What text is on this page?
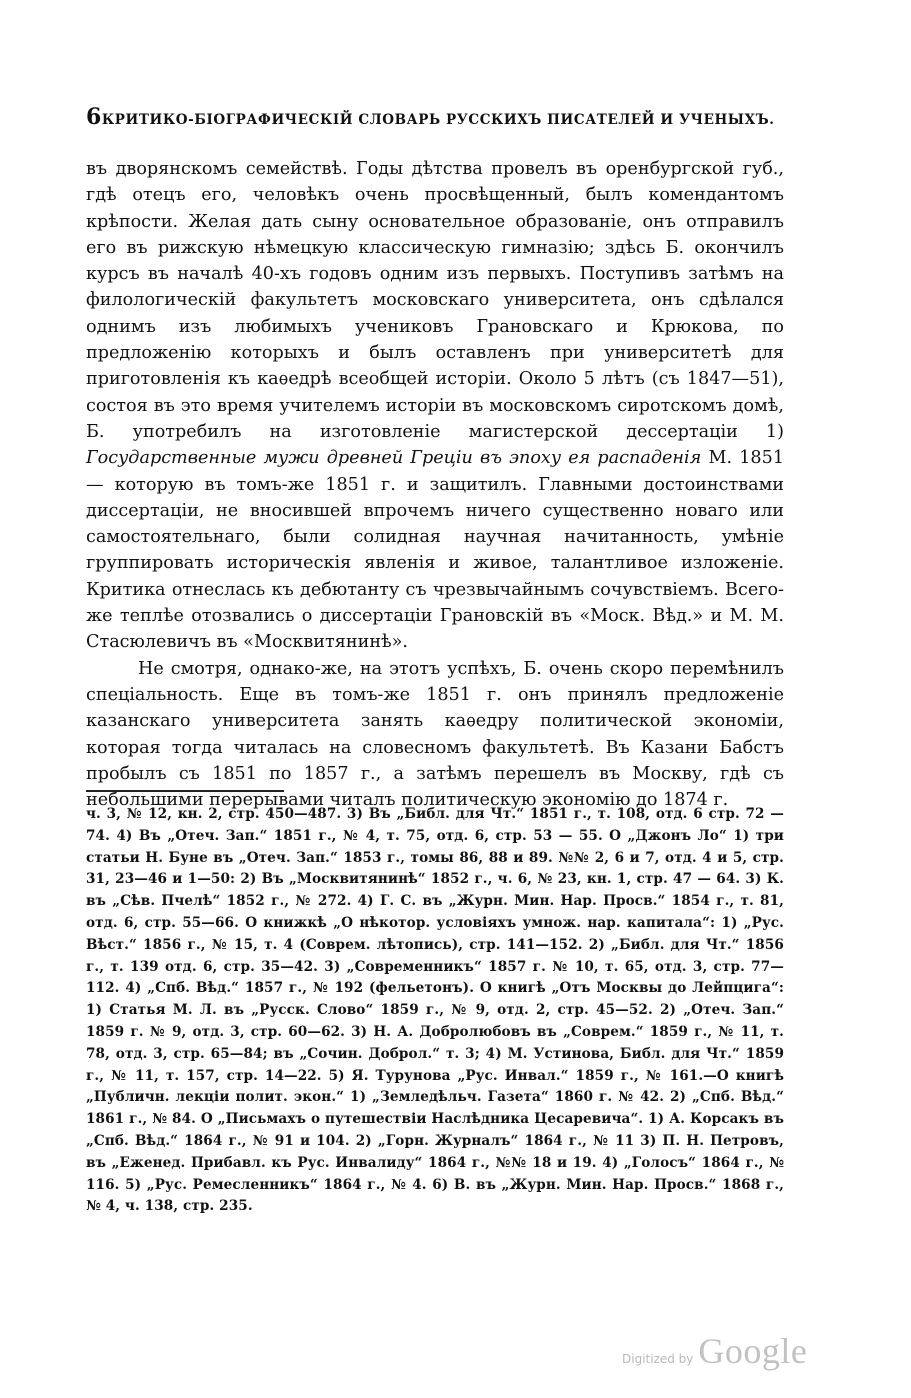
6 КРИТИКО-БІОГРАФИЧЕСКІЙ СЛОВАРЬ РУССКИХЪ ПИСАТЕЛЕЙ И УЧЕНЫХЪ.

въ дворянскомъ семействѣ. Годы дѣтства провелъ въ оренбургской губ., гдѣ отецъ его, человѣкъ очень просвѣщенный, былъ комендантомъ крѣпости. Желая дать сыну основательное образованіе, онъ отправилъ его въ рижскую нѣмецкую классическую гимназію; здѣсь Б. окончилъ курсъ въ началѣ 40-хъ годовъ одним изъ первыхъ. Поступивъ затѣмъ на филологическій факультетъ московскаго университета, онъ сдѣлался однимъ изъ любимыхъ учениковъ Грановскаго и Крюкова, по предложенію которыхъ и былъ оставленъ при университетѣ для приготовленія къ каѳедрѣ всеобщей исторіи. Около 5 лѣтъ (съ 1847—51), состоя въ это время учителемъ исторіи въ московскомъ сиротскомъ домѣ, Б. употребилъ на изготовленіе магистерской дессертаціи 1) Государственные мужи древней Греціи въ эпоху ея распаденія М. 1851 — которую въ томъ-же 1851 г. и защитилъ. Главными достоинствами диссертаціи, не вносившей впрочемъ ничего существенно новаго или самостоятельнаго, были солидная научная начитанность, умѣніе группировать историческія явленія и живое, талантливое изложеніе. Критика отнеслась къ дебютанту съ чрезвычайнымъ сочувствіемъ. Всего-же теплѣе отозвались о диссертаціи Грановскій въ «Моск. Вѣд.» и М. М. Стасюлевичъ въ «Москвитянинѣ».

Не смотря, однако-же, на этотъ успѣхъ, Б. очень скоро перемѣнилъ спеціальность. Еще въ томъ-же 1851 г. онъ принялъ предложеніе казанскаго университета занять каѳедру политической экономіи, которая тогда читалась на словесномъ факультетѣ. Въ Казани Бабстъ пробылъ съ 1851 по 1857 г., а затѣмъ перешелъ въ Москву, гдѣ съ небольшими перерывами читалъ политическую экономію до 1874 г.

ч. 3, № 12, кн. 2, стр. 450—487. 3) Въ „Библ. для Чт.“ 1851 г., т. 108, отд. 6 стр. 72 — 74. 4) Въ „Отеч. Зап.“ 1851 г., № 4, т. 75, отд. 6, стр. 53 — 55. О „Джонъ Ло“ 1) три статьи Н. Буне въ „Отеч. Зап.“ 1853 г., томы 86, 88 и 89. №№ 2, 6 и 7, отд. 4 и 5, стр. 31, 23—46 и 1—50: 2) Въ „Москвитянинѣ“ 1852 г., ч. 6, № 23, кн. 1, стр. 47 — 64. 3) К. въ „Сѣв. Пчелѣ“ 1852 г., № 272. 4) Г. С. въ „Журн. Мин. Нар. Просв.“ 1854 г., т. 81, отд. 6, стр. 55—66. О книжкѣ „О нѣкотор. условіяхъ умнож. нар. капитала“: 1) „Рус. Вѣст.“ 1856 г., № 15, т. 4 (Соврем. лѣтопись), стр. 141—152. 2) „Библ. для Чт.“ 1856 г., т. 139 отд. 6, стр. 35—42. 3) „Современникъ“ 1857 г. № 10, т. 65, отд. 3, стр. 77—112. 4) „Спб. Вѣд.“ 1857 г., № 192 (фельетонъ). О книгѣ „Отъ Москвы до Лейпцига“: 1) Статья М. Л. въ „Русск. Слово“ 1859 г., № 9, отд. 2, стр. 45—52. 2) „Отеч. Зап.“ 1859 г. № 9, отд. 3, стр. 60—62. 3) Н. А. Добролюбовъ въ „Соврем.“ 1859 г., № 11, т. 78, отд. 3, стр. 65—84; въ „Сочин. Доброл.“ т. 3; 4) М. Устинова, Библ. для Чт.“ 1859 г., № 11, т. 157, стр. 14—22. 5) Я. Турунова „Рус. Инвал.“ 1859 г., № 161.—О книгѣ „Публичн. лекціи полит. экон.“ 1) „Земледѣльч. Газета“ 1860 г. № 42. 2) „Спб. Вѣд.“ 1861 г., № 84. О „Письмахъ о путешествіи Наслѣдника Цесаревича“. 1) А. Корсакъ въ „Спб. Вѣд.“ 1864 г., № 91 и 104. 2) „Горн. Журналъ“ 1864 г., № 11 3) П. Н. Петровъ, въ „Еженед. Прибавл. къ Рус. Инвалиду“ 1864 г., №№ 18 и 19. 4) „Голосъ“ 1864 г., № 116. 5) „Рус. Ремесленникъ“ 1864 г., № 4. 6) В. въ „Журн. Мин. Нар. Просв.“ 1868 г., № 4, ч. 138, стр. 235.

Digitized by Google
